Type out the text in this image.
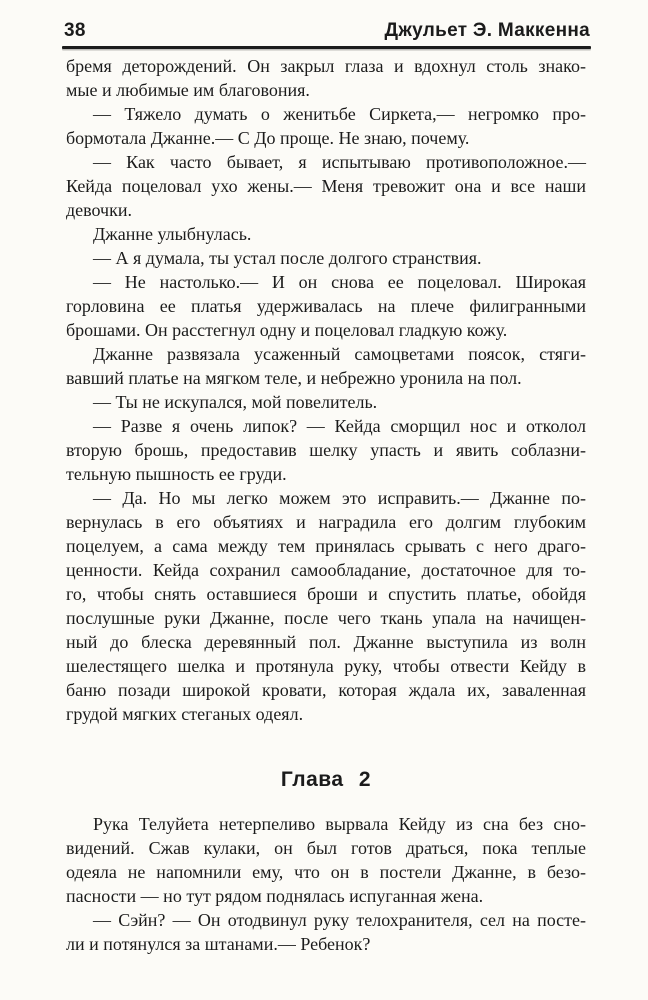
38	Джульет Э. Маккенна

бремя деторождений. Он закрыл глаза и вдохнул столь знако-
мые и любимые им благовония.

— Тяжело думать о женитьбе Сиркета,— негромко про-
бормотала Джанне.— С До проще. Не знаю, почему.

— Как часто бывает, я испытываю противоположное.—
Кейда поцеловал ухо жены.— Меня тревожит она и все наши
девочки.

Джанне улыбнулась.

— А я думала, ты устал после долгого странствия.

— Не настолько.— И он снова ее поцеловал. Широкая
горловина ее платья удерживалась на плече филигранными
брошами. Он расстегнул одну и поцеловал гладкую кожу.

Джанне развязала усаженный самоцветами поясок, стяги-
вавший платье на мягком теле, и небрежно уронила на пол.

— Ты не искупался, мой повелитель.

— Разве я очень липок? — Кейда сморщил нос и отколол
вторую брошь, предоставив шелку упасть и явить соблазни-
тельную пышность ее груди.

— Да. Но мы легко можем это исправить.— Джанне по-
вернулась в его объятиях и наградила его долгим глубоким
поцелуем, а сама между тем принялась срывать с него драго-
ценности. Кейда сохранил самообладание, достаточное для то-
го, чтобы снять оставшиеся броши и спустить платье, обойдя
послушные руки Джанне, после чего ткань упала на начищен-
ный до блеска деревянный пол. Джанне выступила из волн
шелестящего шелка и протянула руку, чтобы отвести Кейду в
баню позади широкой кровати, которая ждала их, заваленная
грудой мягких стеганых одеял.

Глава 2

Рука Телуйета нетерпеливо вырвала Кейду из сна без сно-
видений. Сжав кулаки, он был готов драться, пока теплые
одеяла не напомнили ему, что он в постели Джанне, в безо-
пасности — но тут рядом поднялась испуганная жена.

— Сэйн? — Он отодвинул руку телохранителя, сел на посте-
ли и потянулся за штанами.— Ребенок?
